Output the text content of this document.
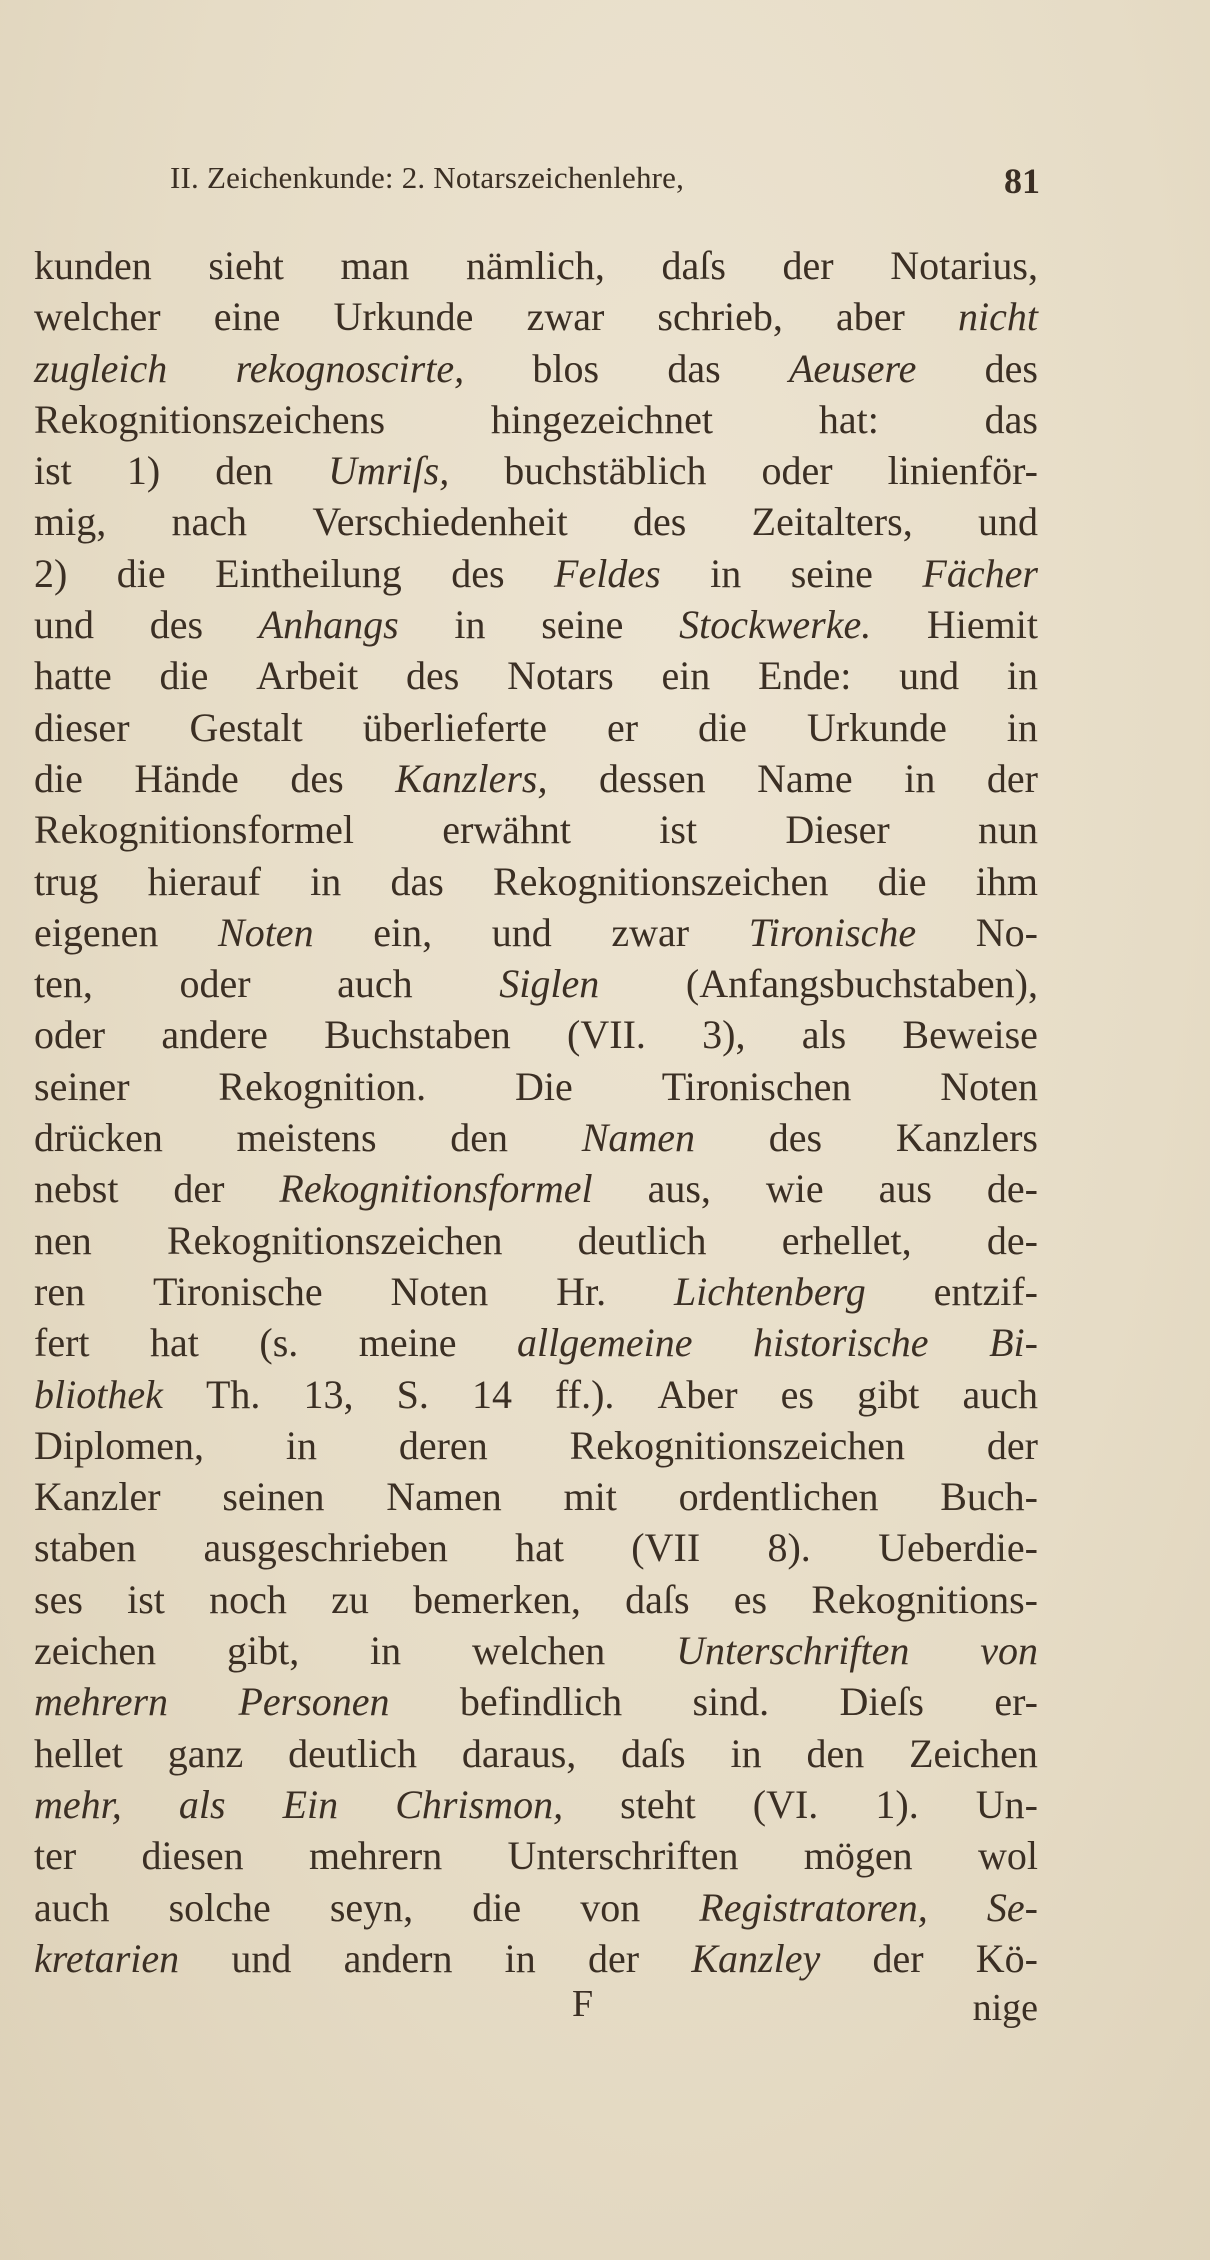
II. Zeichenkunde: 2. Notarszeichenlehre,	81
kunden sieht man nämlich, daſs der Notarius,
welcher eine Urkunde zwar schrieb, aber nicht
zugleich rekognoscirte, blos das Aeusere des
Rekognitionszeichens	hingezeichnet	hat:	das
ist 1) den Umriſs, buchstäblich oder linienför-
mig, nach Verschiedenheit des Zeitalters, und
2) die Eintheilung des Feldes in seine Fächer
und des Anhangs in seine Stockwerke. Hiemit
hatte die Arbeit des Notars ein Ende: und in
dieser Gestalt überlieferte er die Urkunde in
die Hände des Kanzlers, dessen Name in der
Rekognitionsformel erwähnt ist Dieser nun
trug hierauf in das Rekognitionszeichen die ihm
eigenen Noten ein, und zwar Tironische No-
ten, oder auch Siglen (Anfangsbuchstaben),
oder andere Buchstaben (VII. 3), als Beweise
seiner Rekognition. Die Tironischen Noten
drücken meistens den Namen des Kanzlers
nebst der Rekognitionsformel aus, wie aus de-
nen Rekognitionszeichen deutlich erhellet, de-
ren Tironische Noten Hr. Lichtenberg entzif-
fert hat (s. meine allgemeine historische Bi-
bliothek Th. 13, S. 14 ff.). Aber es gibt auch
Diplomen, in deren Rekognitionszeichen der
Kanzler seinen Namen mit ordentlichen Buch-
staben ausgeschrieben hat (VII 8). Ueberdie-
ses ist noch zu bemerken, daſs es Rekognitions-
zeichen gibt, in welchen Unterschriften von
mehrern Personen befindlich sind. Dieſs er-
hellet ganz deutlich daraus, daſs in den Zeichen
mehr, als Ein Chrismon, steht (VI. 1). Un-
ter diesen mehrern Unterschriften mögen wol
auch solche seyn, die von Registratoren, Se-
kretarien und andern in der Kanzley der Kö-
F	nige
